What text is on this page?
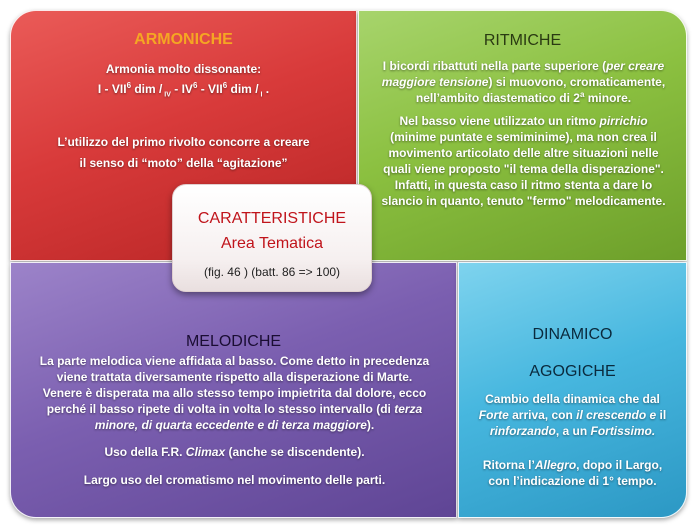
ARMONICHE

Armonia molto dissonante:

I - VII$^6$ dim / $_{IV} - IV^6 - VII^6$ dim / $_I$ .

L’utilizzo del primo rivolto concorre a creare

il senso di “moto” della “agitazione”

RITMICHE

I bicordi ribattuti nella parte superiore (per creare maggiore tensione) si muovono, cromaticamente,
nell’ambito diastematico di 2$^a$ minore.

Nel basso viene utilizzato un ritmo pirrichio
(minime puntate e semiminime), ma non crea il
movimento articolato delle altre situazioni nelle
quali viene proposto "il tema della disperazione".
Infatti, in questa caso il ritmo stenta a dare lo
slancio in quanto, tenuto "fermo" melodicamente.

MELODICHE

La parte melodica viene affidata al basso. Come detto in precedenza
viene trattata diversamente rispetto alla disperazione di Marte.
Venere è disperata ma allo stesso tempo impietrita dal dolore, ecco
perché il basso ripete di volta in volta lo stesso intervallo (di terza
minore, di quarta eccedente e di terza maggiore).

Uso della F.R. Climax (anche se discendente).

Largo uso del cromatismo nel movimento delle parti.

DINAMICO
AGOGICHE

Cambio della dinamica che dal
Forte arriva, con il crescendo e il
rinforzando, a un Fortissimo.

Ritorna l’Allegro, dopo il Largo,
con l’indicazione di 1° tempo.

CARATTERISTICHE
Area Tematica
(fig. 46 ) (batt. 86 => 100)
